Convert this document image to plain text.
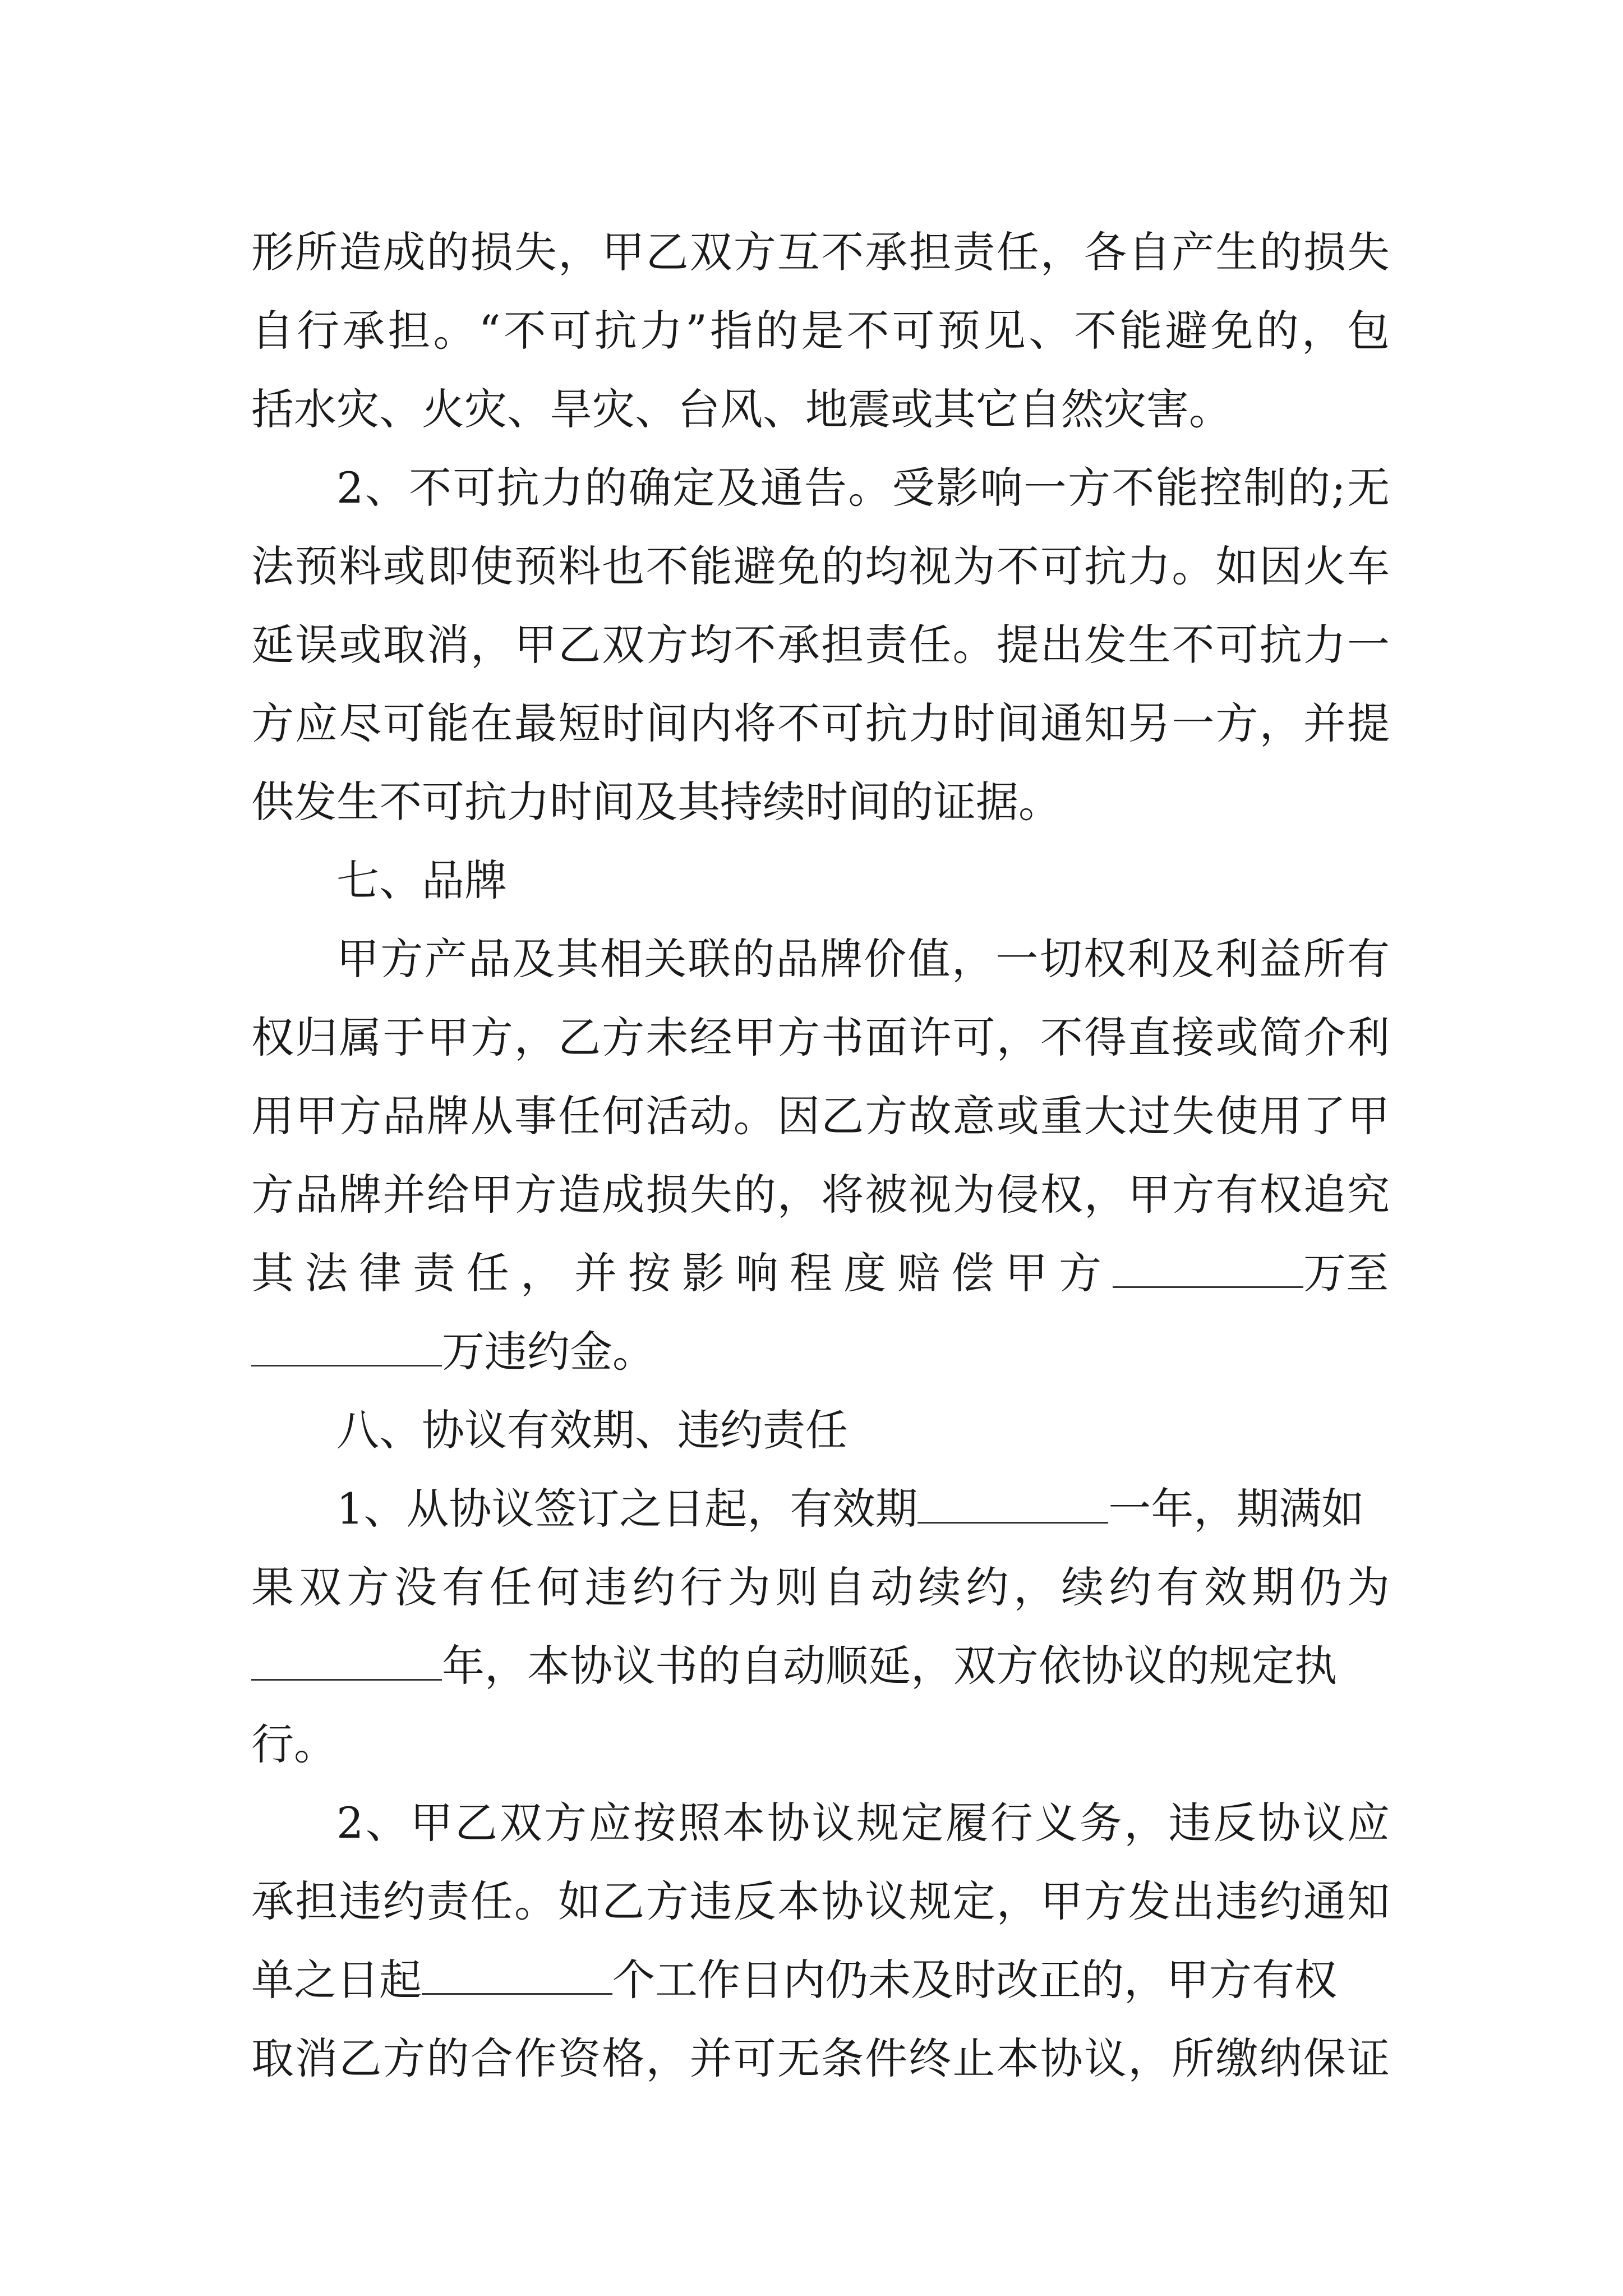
形所造成的损失，甲乙双方互不承担责任，各自产生的损失

自行承担。“不可抗力”指的是不可预见、不能避免的，包

括水灾、火灾、旱灾、台风、地震或其它自然灾害。

2、不可抗力的确定及通告。受影响一方不能控制的;无

法预料或即使预料也不能避免的均视为不可抗力。如因火车

延误或取消，甲乙双方均不承担责任。提出发生不可抗力一

方应尽可能在最短时间内将不可抗力时间通知另一方，并提

供发生不可抗力时间及其持续时间的证据。

七、品牌

甲方产品及其相关联的品牌价值，一切权利及利益所有

权归属于甲方，乙方未经甲方书面许可，不得直接或简介利

用甲方品牌从事任何活动。因乙方故意或重大过失使用了甲

方品牌并给甲方造成损失的，将被视为侵权，甲方有权追究

其法律责任，并按影响程度赔偿甲方	万至
万违约金。

八、协议有效期、违约责任

1、从协议签订之日起，有效期	一年，期满如

果双方没有任何违约行为则自动续约，续约有效期仍为

年，本协议书的自动顺延，双方依协议的规定执

行。

2、甲乙双方应按照本协议规定履行义务，违反协议应

承担违约责任。如乙方违反本协议规定，甲方发出违约通知

单之日起	个工作日内仍未及时改正的，甲方有权

取消乙方的合作资格，并可无条件终止本协议，所缴纳保证
